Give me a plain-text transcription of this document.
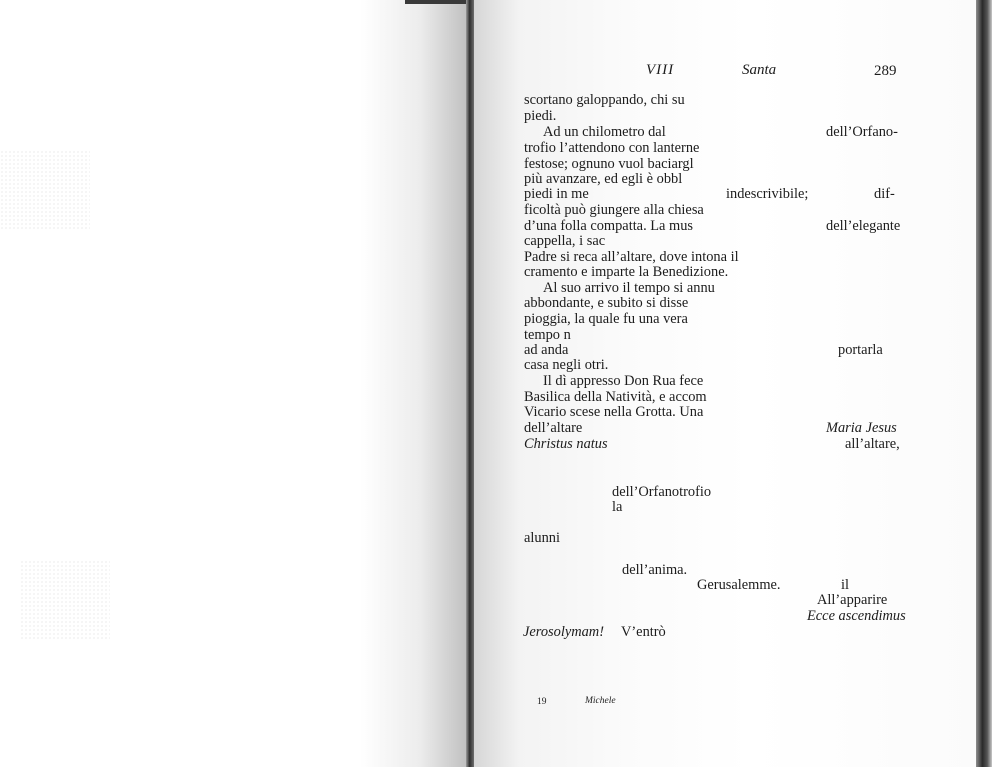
VIII	Santa	289
scortano galoppando, chi su
piedi.
Ad un chilometro dal	dell’Orfano-
trofio l’attendono con lanterne
festose; ognuno vuol baciargl
più avanzare, ed egli è obbl
piedi in me	indescrivibile;	dif-
ficoltà può giungere alla chiesa
d’una folla compatta. La mus	dell’elegante
cappella, i sac
Padre si reca all’altare, dove intona il
cramento e imparte la Benedizione.
Al suo arrivo il tempo si annu
abbondante, e subito si disse
pioggia, la quale fu una vera
tempo n
ad anda	portarla
casa negli otri.
Il dì appresso Don Rua fece
Basilica della Natività, e accom
Vicario scese nella Grotta. Una
dell’altare	Maria Jesus
Christus natus	all’altare,
dell’Orfanotrofio
la
alunni
dell’anima.
Gerusalemme.	il
All’apparire
Ecce ascendimus
Jerosolymam! V’entrò
19	Michele
